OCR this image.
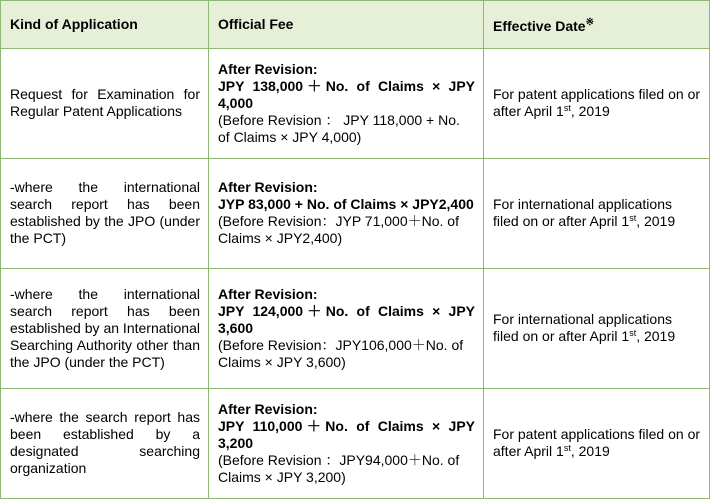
Kind of Application	Official Fee	Effective Date※
Request for Examination for Regular Patent Applications	After Revision:
JPY 138,000＋No. of Claims × JPY 4,000
(Before Revision ： JPY 118,000 + No. of Claims × JPY 4,000)	For patent applications filed on or after April 1st, 2019
-where the international search report has been established by the JPO (under the PCT)	After Revision:
JYP 83,000 + No. of Claims × JPY2,400
(Before Revision：JYP 71,000＋No. of Claims × JPY2,400)	For international applications filed on or after April 1st, 2019
-where the international search report has been established by an International Searching Authority other than the JPO (under the PCT)	After Revision:
JPY 124,000＋No. of Claims × JPY 3,600
(Before Revision：JPY106,000＋No. of Claims × JPY 3,600)	For international applications filed on or after April 1st, 2019
-where the search report has been established by a designated searching organization	After Revision:
JPY 110,000＋No. of Claims × JPY 3,200
(Before Revision ：JPY94,000＋No. of Claims × JPY 3,200)	For patent applications filed on or after April 1st, 2019
